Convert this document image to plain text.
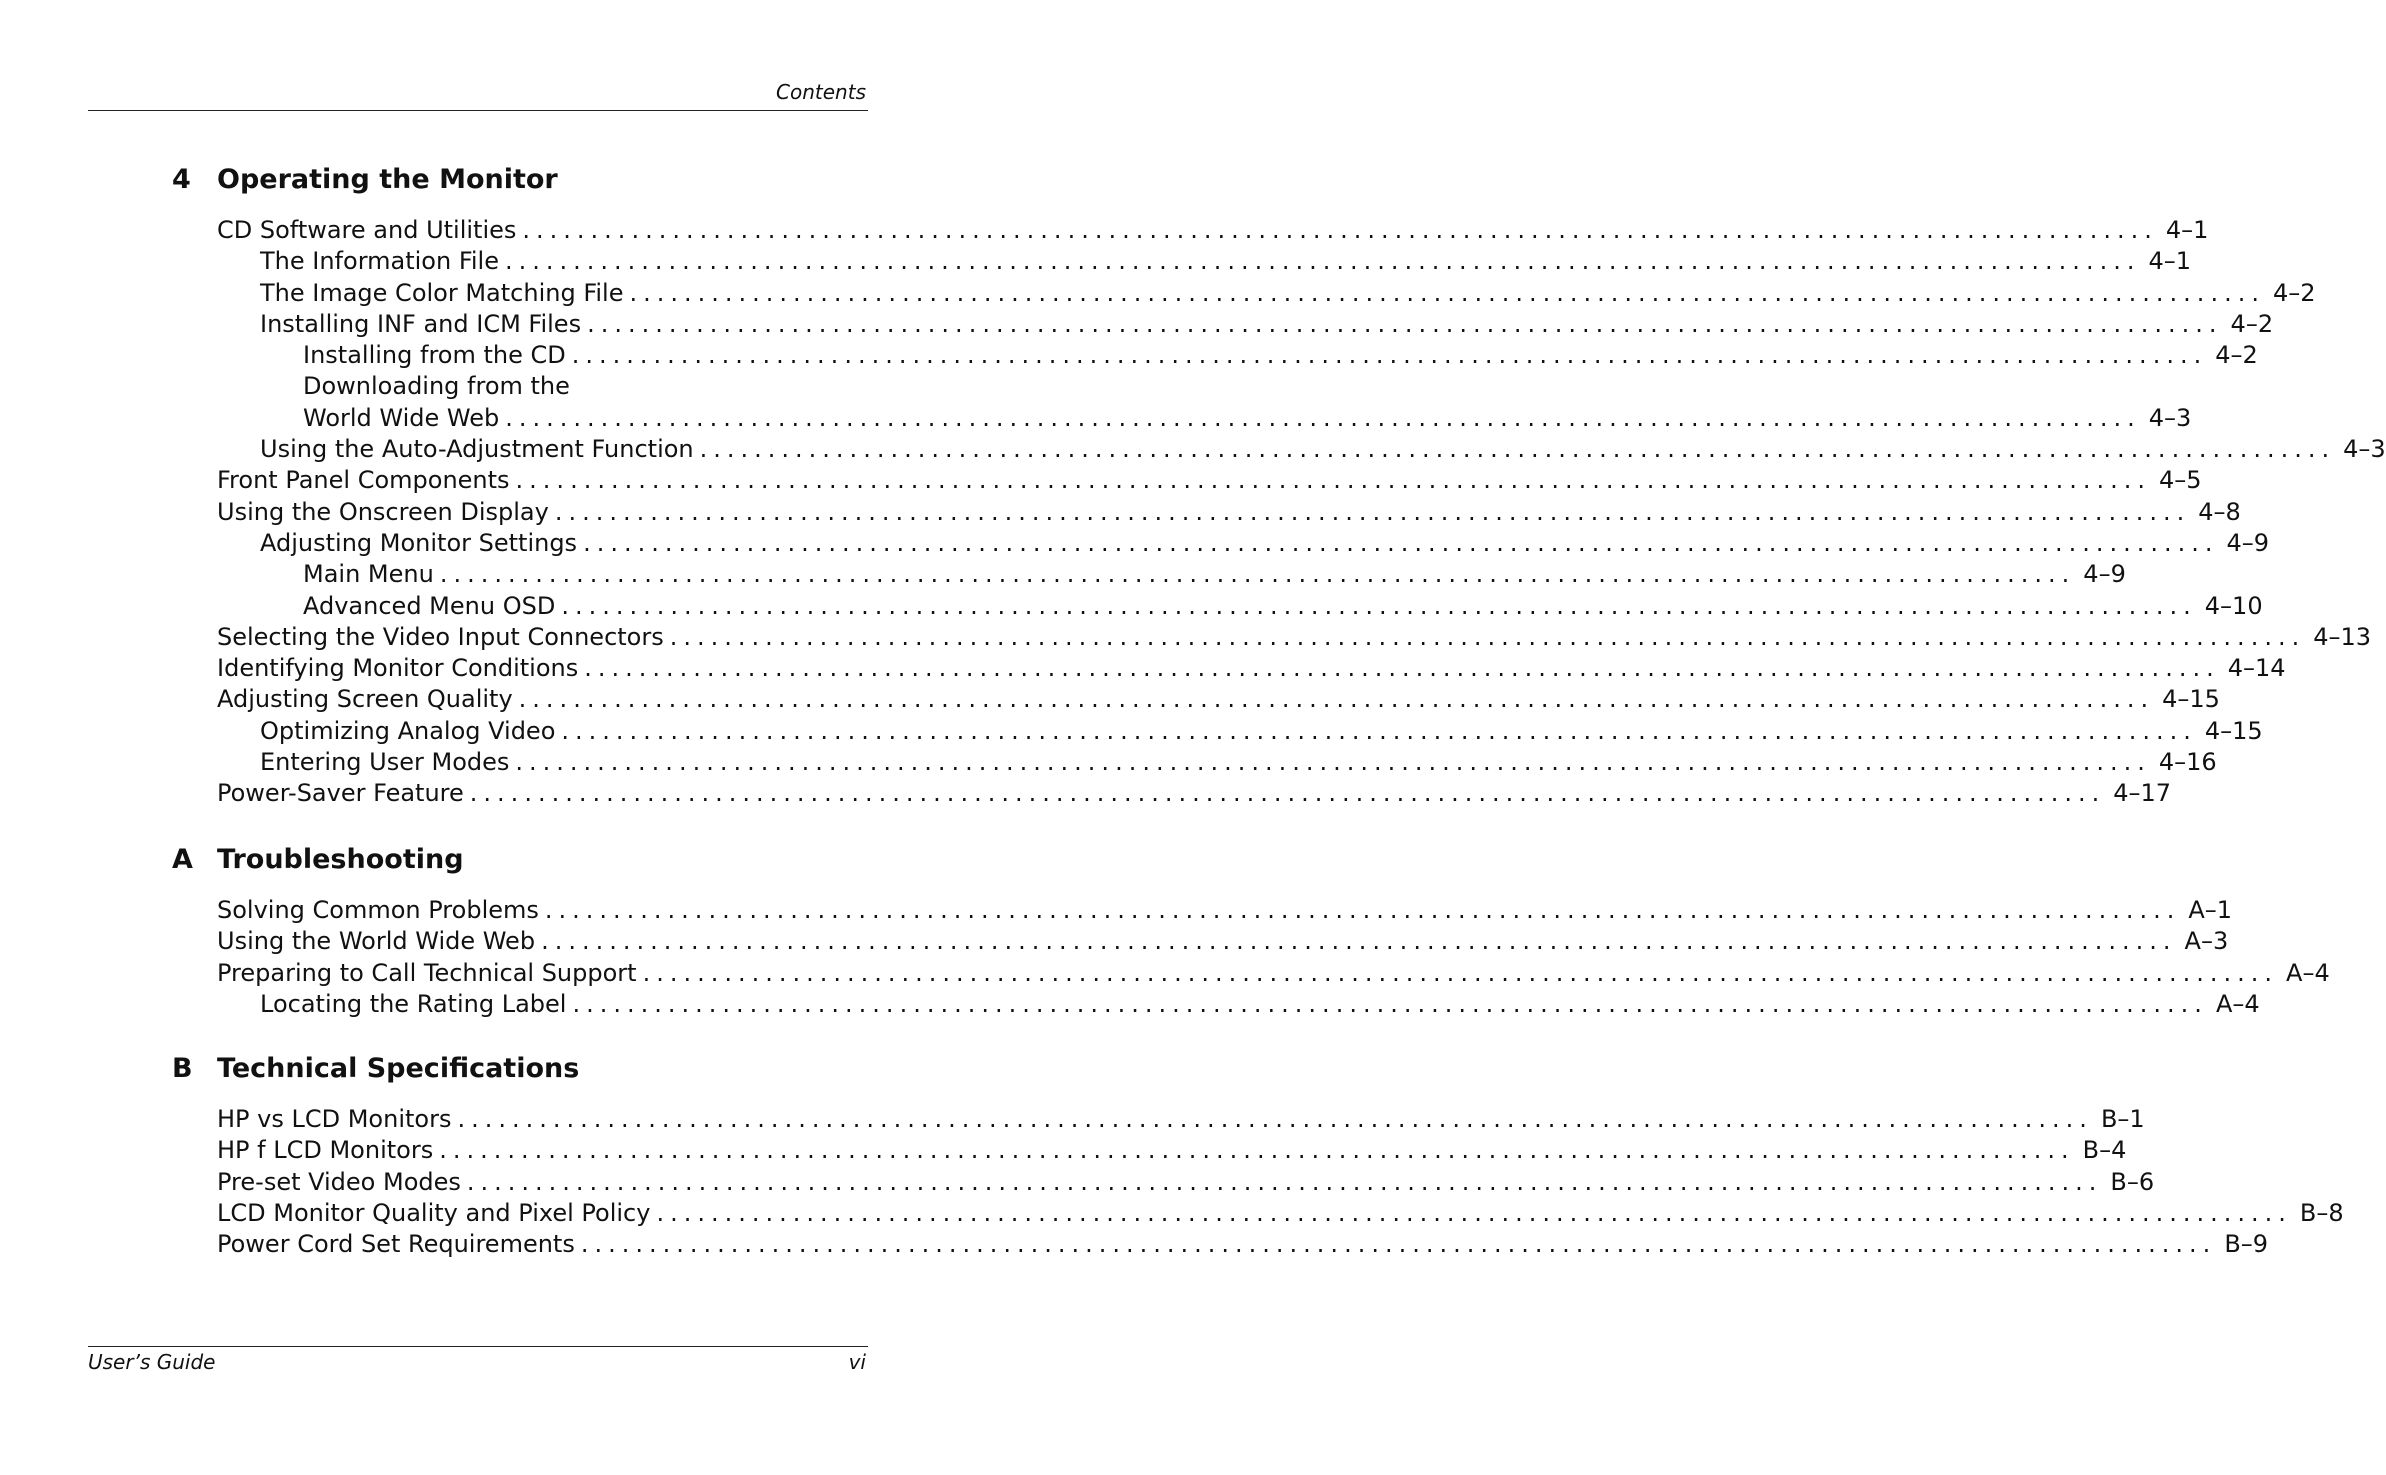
Contents
4 Operating the Monitor
CD Software and Utilities ........................................................................................................................ 4–1
The Information File ........................................................................................................................ 4–1
The Image Color Matching File ........................................................................................................................ 4–2
Installing INF and ICM Files ........................................................................................................................ 4–2
Installing from the CD ........................................................................................................................ 4–2
Downloading from the
World Wide Web ........................................................................................................................ 4–3
Using the Auto-Adjustment Function ........................................................................................................................ 4–3
Front Panel Components ........................................................................................................................ 4–5
Using the Onscreen Display ........................................................................................................................ 4–8
Adjusting Monitor Settings ........................................................................................................................ 4–9
Main Menu ........................................................................................................................ 4–9
Advanced Menu OSD ........................................................................................................................ 4–10
Selecting the Video Input Connectors ........................................................................................................................ 4–13
Identifying Monitor Conditions ........................................................................................................................ 4–14
Adjusting Screen Quality ........................................................................................................................ 4–15
Optimizing Analog Video ........................................................................................................................ 4–15
Entering User Modes ........................................................................................................................ 4–16
Power-Saver Feature ........................................................................................................................ 4–17
A Troubleshooting
Solving Common Problems ........................................................................................................................ A–1
Using the World Wide Web ........................................................................................................................ A–3
Preparing to Call Technical Support ........................................................................................................................ A–4
Locating the Rating Label ........................................................................................................................ A–4
B Technical Specifications
HP vs LCD Monitors ........................................................................................................................ B–1
HP f LCD Monitors ........................................................................................................................ B–4
Pre-set Video Modes ........................................................................................................................ B–6
LCD Monitor Quality and Pixel Policy ........................................................................................................................ B–8
Power Cord Set Requirements ........................................................................................................................ B–9
User’s Guide	vi
